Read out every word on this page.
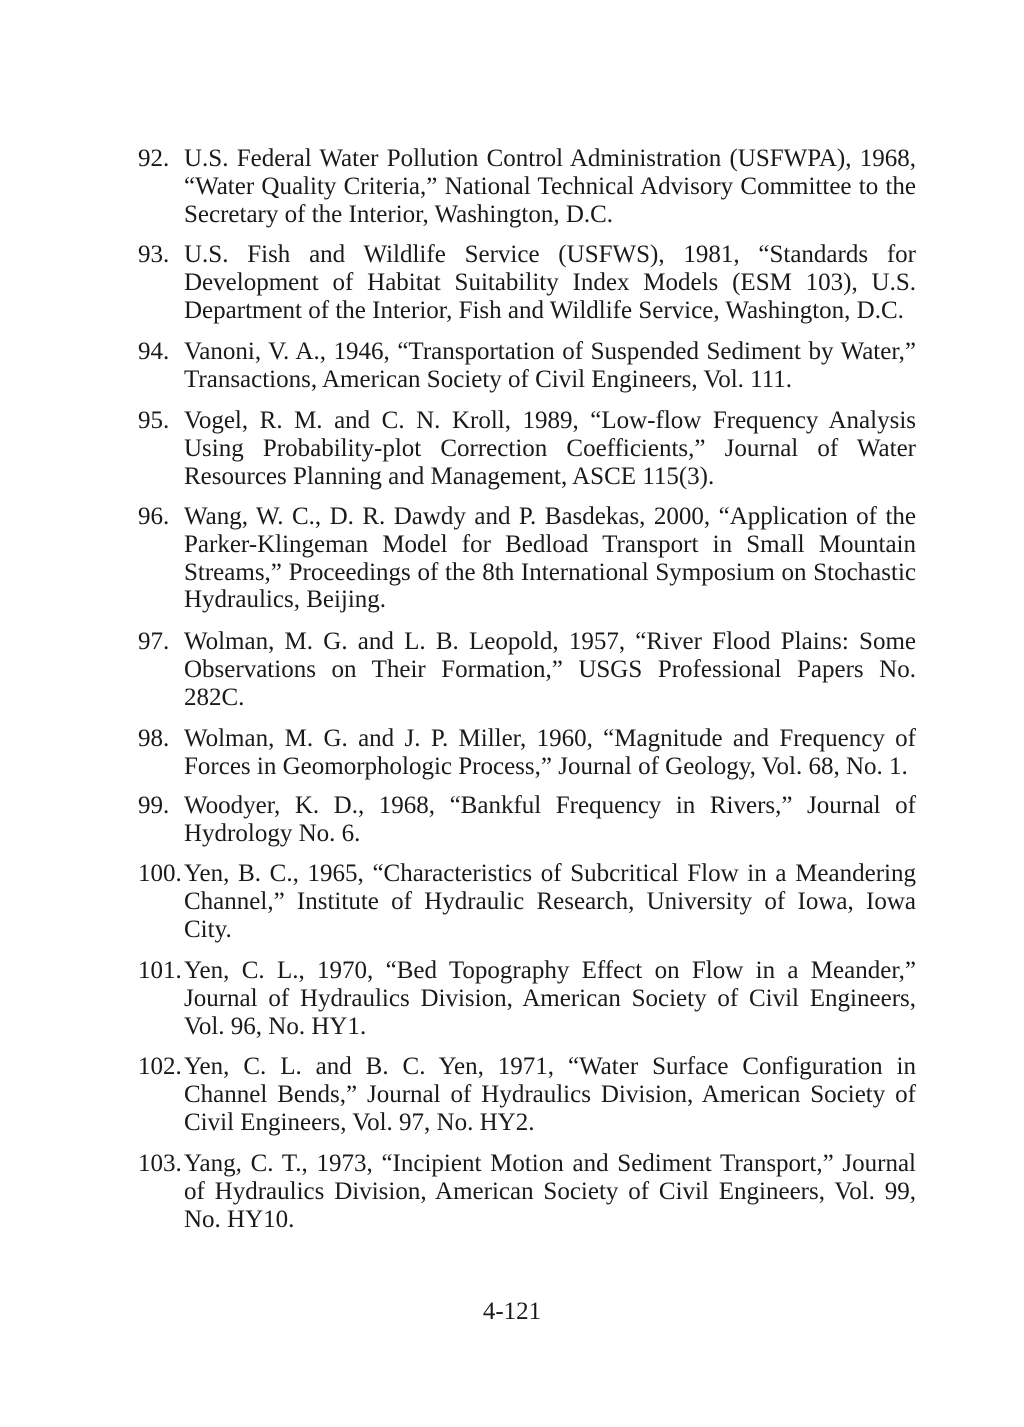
92. U.S. Federal Water Pollution Control Administration (USFWPA), 1968, “Water Quality Criteria,” National Technical Advisory Committee to the Secretary of the Interior, Washington, D.C.
93. U.S. Fish and Wildlife Service (USFWS), 1981, “Standards for Development of Habitat Suitability Index Models (ESM 103), U.S. Department of the Interior, Fish and Wildlife Service, Washington, D.C.
94. Vanoni, V. A., 1946, “Transportation of Suspended Sediment by Water,” Transactions, American Society of Civil Engineers, Vol. 111.
95. Vogel, R. M. and C. N. Kroll, 1989, “Low-flow Frequency Analysis Using Probability-plot Correction Coefficients,” Journal of Water Resources Planning and Management, ASCE 115(3).
96. Wang, W. C., D. R. Dawdy and P. Basdekas, 2000, “Application of the Parker-Klingeman Model for Bedload Transport in Small Mountain Streams,” Proceedings of the 8th International Symposium on Stochastic Hydraulics, Beijing.
97. Wolman, M. G. and L. B. Leopold, 1957, “River Flood Plains: Some Observations on Their Formation,” USGS Professional Papers No. 282C.
98. Wolman, M. G. and J. P. Miller, 1960, “Magnitude and Frequency of Forces in Geomorphologic Process,” Journal of Geology, Vol. 68, No. 1.
99. Woodyer, K. D., 1968, “Bankful Frequency in Rivers,” Journal of Hydrology No. 6.
100. Yen, B. C., 1965, “Characteristics of Subcritical Flow in a Meandering Channel,” Institute of Hydraulic Research, University of Iowa, Iowa City.
101. Yen, C. L., 1970, “Bed Topography Effect on Flow in a Meander,” Journal of Hydraulics Division, American Society of Civil Engineers, Vol. 96, No. HY1.
102. Yen, C. L. and B. C. Yen, 1971, “Water Surface Configuration in Channel Bends,” Journal of Hydraulics Division, American Society of Civil Engineers, Vol. 97, No. HY2.
103. Yang, C. T., 1973, “Incipient Motion and Sediment Transport,” Journal of Hydraulics Division, American Society of Civil Engineers, Vol. 99, No. HY10.
4-121
